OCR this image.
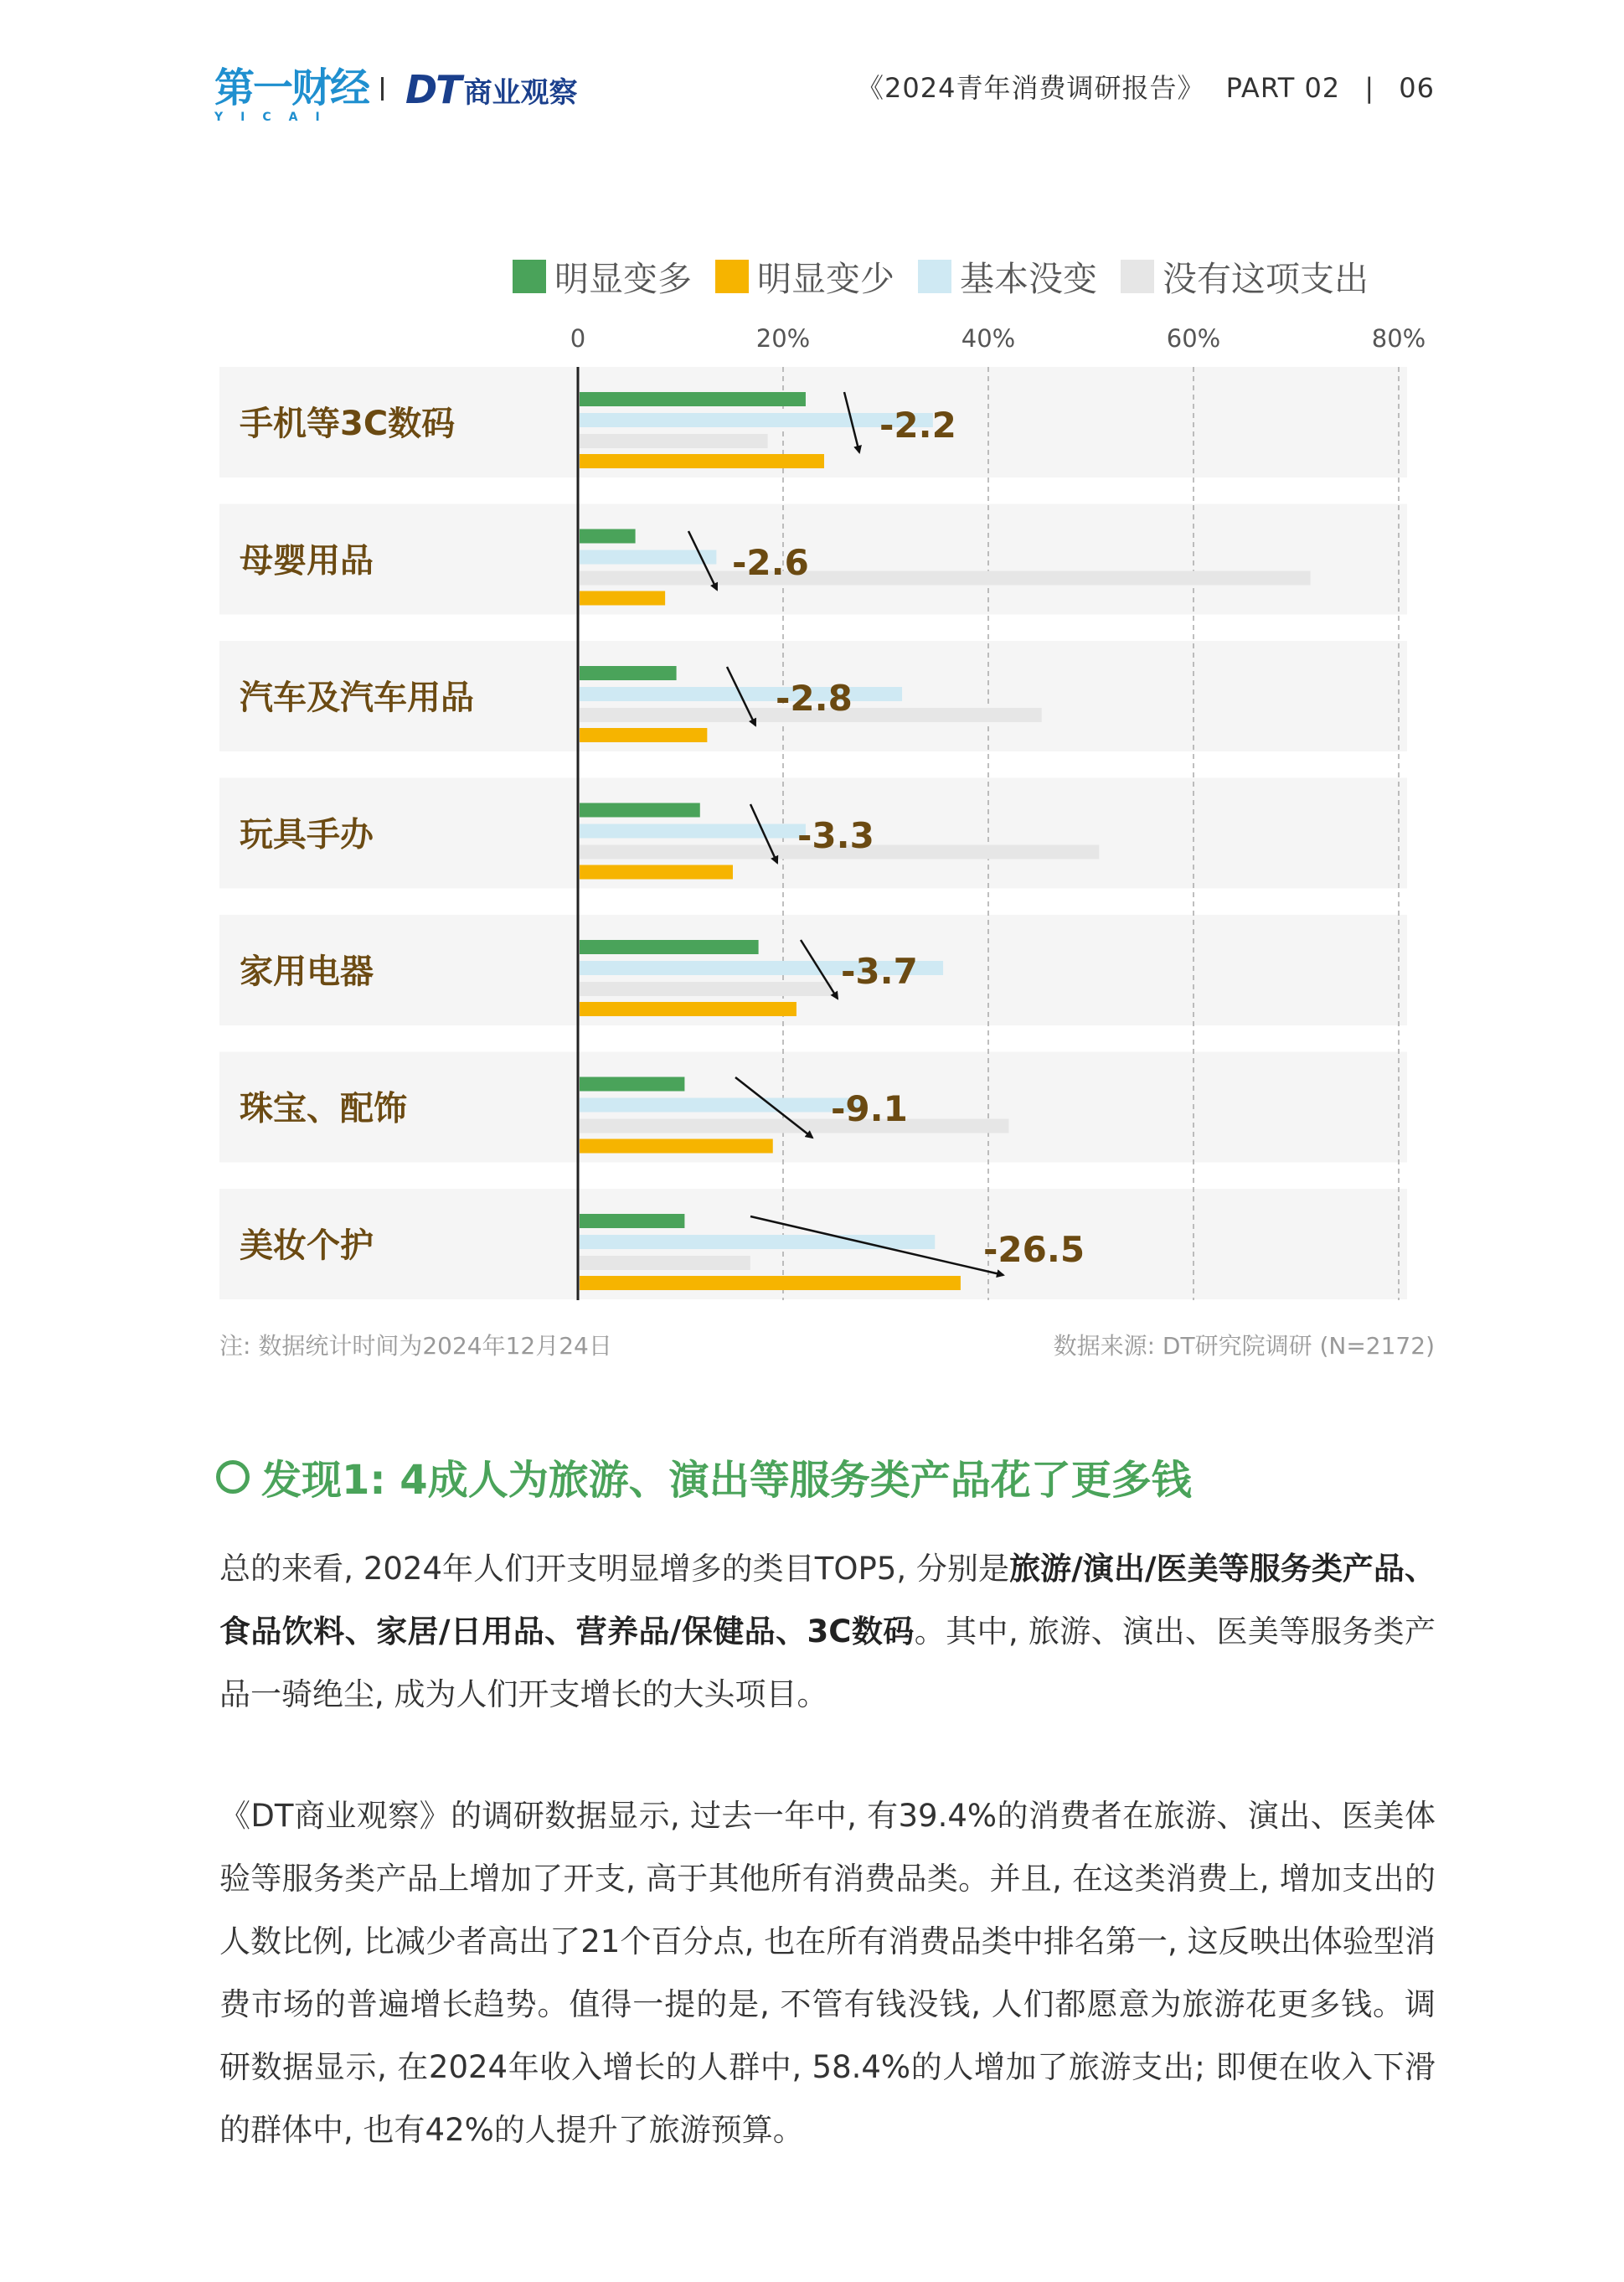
第一财经
YICAI
DT 商业观察	《2024青年消费调研报告》 PART 02 | 06
明显变多 明显变少 基本没变 没有这项支出
0	20%	40%	60%	80%
手机等3C数码
母婴用品
汽车及汽车用品
玩具手办
家用电器
珠宝、配饰
美妆个护
-2.2
-2.6
-2.8
-3.3
-3.7
-9.1
-26.5
注: 数据统计时间为2024年12月24日	数据来源: DT研究院调研 (N=2172)
发现1: 4成人为旅游、演出等服务类产品花了更多钱
总的来看, 2024年人们开支明显增多的类目TOP5, 分别是旅游/演出/医美等服务类产品、食品饮料、家居/日用品、营养品/保健品、3C数码。其中, 旅游、演出、医美等服务类产品一骑绝尘, 成为人们开支增长的大头项目。
《DT商业观察》的调研数据显示, 过去一年中, 有39.4%的消费者在旅游、演出、医美体验等服务类产品上增加了开支, 高于其他所有消费品类。并且, 在这类消费上, 增加支出的人数比例, 比减少者高出了21个百分点, 也在所有消费品类中排名第一, 这反映出体验型消费市场的普遍增长趋势。值得一提的是, 不管有钱没钱, 人们都愿意为旅游花更多钱。调研数据显示, 在2024年收入增长的人群中, 58.4%的人增加了旅游支出; 即便在收入下滑的群体中, 也有42%的人提升了旅游预算。
